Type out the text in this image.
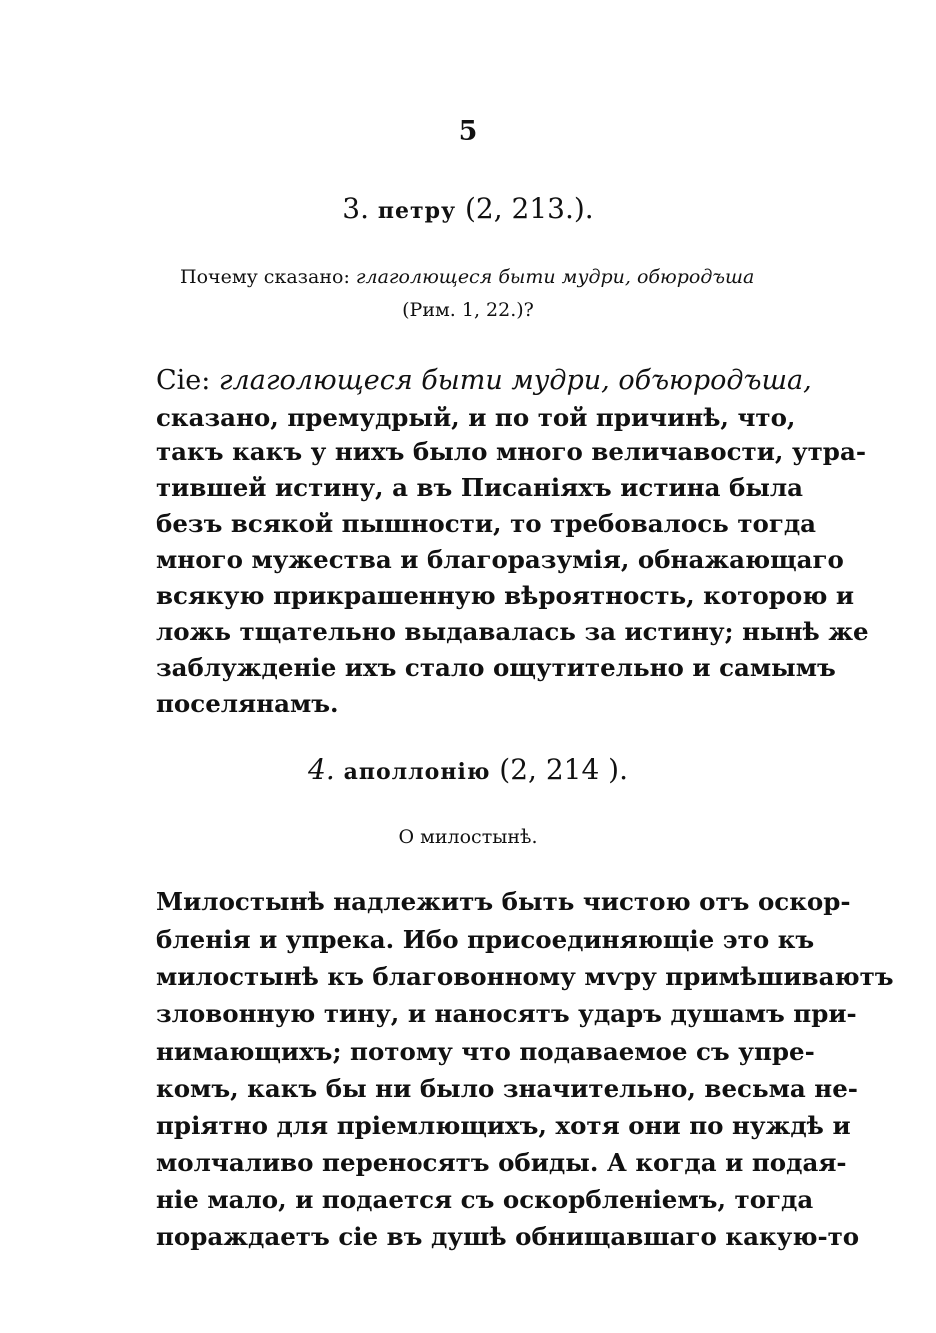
5
3. петру (2, 213.).
Почему сказано: глаголющеся быти мудри, обюродъша
(Рим. 1, 22.)?
Cie: глаголющеся быти мудри, объюродъша,
сказано, премудрый, и по той причинѣ, что,
такъ какъ у нихъ было много величавости, утра-
тившей истину, а въ Писаніяхъ истина была
безъ всякой пышности, то требовалось тогда
много мужества и благоразумія, обнажающаго
всякую прикрашенную вѣроятность, которою и
ложь тщательно выдавалась за истину; нынѣ же
заблужденіе ихъ стало ощутительно и самымъ
поселянамъ.
4. аполлонію (2, 214 ).
О милостынѣ.
Милостынѣ надлежитъ быть чистою отъ оскор-
бленія и упрека. Ибо присоединяющіе это къ
милостынѣ къ благовонному мѵру примѣшиваютъ
зловонную тину, и наносятъ ударъ душамъ при-
нимающихъ; потому что подаваемое съ упре-
комъ, какъ бы ни было значительно, весьма не-
пріятно для пріемлющихъ, хотя они по нуждѣ и
молчаливо переносятъ обиды. А когда и подая-
ніе мало, и подается съ оскорбленіемъ, тогда
пораждаетъ сіе въ душѣ обнищавшаго какую-то
